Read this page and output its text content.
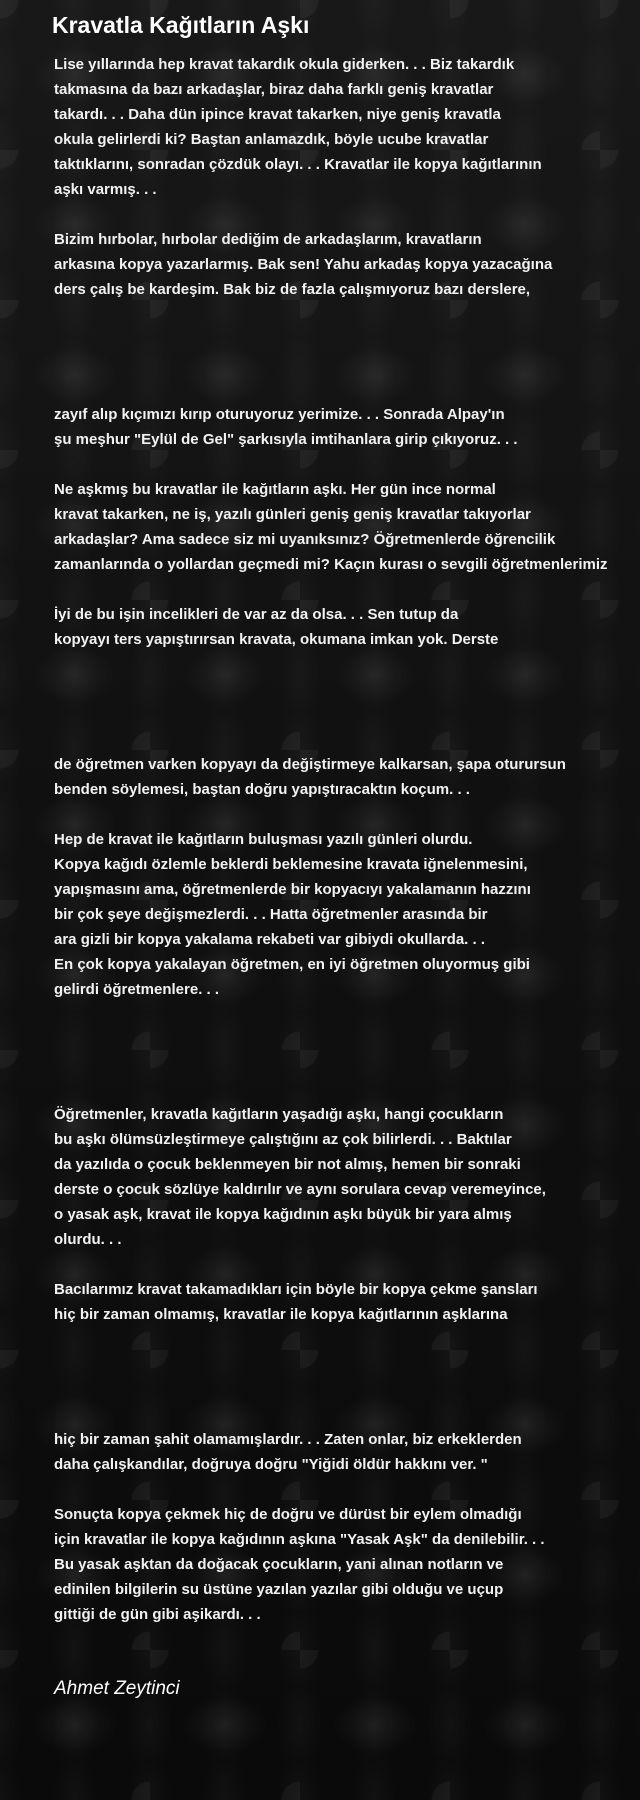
Kravatla Kağıtların Aşkı
Lise yıllarında hep kravat takardık okula giderken. . . Biz takardık
takmasına da bazı arkadaşlar, biraz daha farklı geniş kravatlar
takardı. . . Daha dün ipince kravat takarken, niye geniş kravatla
okula gelirlerdi ki? Baştan anlamazdık, böyle ucube kravatlar
taktıklarını, sonradan çözdük olayı. . . Kravatlar ile kopya kağıtlarının
aşkı varmış. . .
Bizim hırbolar, hırbolar dediğim de arkadaşlarım, kravatların
arkasına kopya yazarlarmış. Bak sen! Yahu arkadaş kopya yazacağına
ders çalış be kardeşim. Bak biz de fazla çalışmıyoruz bazı derslere,
zayıf alıp kıçımızı kırıp oturuyoruz yerimize. . . Sonrada Alpay'ın
şu meşhur "Eylül de Gel" şarkısıyla imtihanlara girip çıkıyoruz. . .
Ne aşkmış bu kravatlar ile kağıtların aşkı. Her gün ince normal
kravat takarken, ne iş, yazılı günleri geniş geniş kravatlar takıyorlar
arkadaşlar? Ama sadece siz mi uyanıksınız? Öğretmenlerde öğrencilik
zamanlarında o yollardan geçmedi mi? Kaçın kurası o sevgili öğretmenlerimiz
İyi de bu işin incelikleri de var az da olsa. . . Sen tutup da
kopyayı ters yapıştırırsan kravata, okumana imkan yok. Derste
de öğretmen varken kopyayı da değiştirmeye kalkarsan, şapa oturursun
benden söylemesi, baştan doğru yapıştıracaktın koçum. . .
Hep de kravat ile kağıtların buluşması yazılı günleri olurdu.
Kopya kağıdı özlemle beklerdi beklemesine kravata iğnelenmesini,
yapışmasını ama, öğretmenlerde bir kopyacıyı yakalamanın hazzını
bir çok şeye değişmezlerdi. . . Hatta öğretmenler arasında bir
ara gizli bir kopya yakalama rekabeti var gibiydi okullarda. . .
En çok kopya yakalayan öğretmen, en iyi öğretmen oluyormuş gibi
gelirdi öğretmenlere. . .
Öğretmenler, kravatla kağıtların yaşadığı aşkı, hangi çocukların
bu aşkı ölümsüzleştirmeye çalıştığını az çok bilirlerdi. . . Baktılar
da yazılıda o çocuk beklenmeyen bir not almış, hemen bir sonraki
derste o çocuk sözlüye kaldırılır ve aynı sorulara cevap veremeyince,
o yasak aşk, kravat ile kopya kağıdının aşkı büyük bir yara almış
olurdu. . .
Bacılarımız kravat takamadıkları için böyle bir kopya çekme şansları
hiç bir zaman olmamış, kravatlar ile kopya kağıtlarının aşklarına
hiç bir zaman şahit olamamışlardır. . . Zaten onlar, biz erkeklerden
daha çalışkandılar, doğruya doğru "Yiğidi öldür hakkını ver. "
Sonuçta kopya çekmek hiç de doğru ve dürüst bir eylem olmadığı
için kravatlar ile kopya kağıdının aşkına "Yasak Aşk" da denilebilir. . .
Bu yasak aşktan da doğacak çocukların, yani alınan notların ve
edinilen bilgilerin su üstüne yazılan yazılar gibi olduğu ve uçup
gittiği de gün gibi aşikardı. . .
Ahmet Zeytinci
